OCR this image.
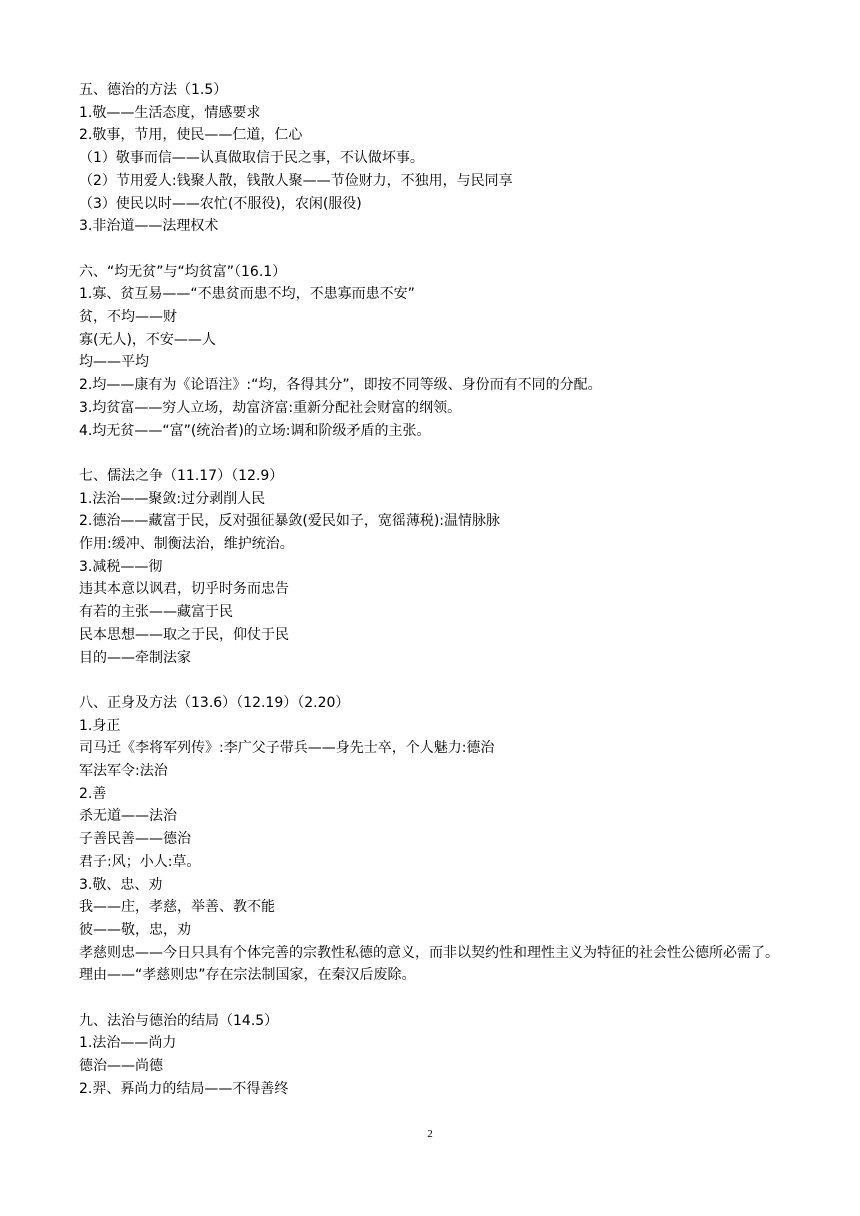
五、德治的方法（1.5）
1.敬——生活态度，情感要求
2.敬事，节用，使民——仁道，仁心
（1）敬事而信——认真做取信于民之事，不认做坏事。
（2）节用爱人:钱聚人散，钱散人聚——节俭财力，不独用，与民同享
（3）使民以时——农忙(不服役)，农闲(服役)
3.非治道——法理权术
六、“均无贫”与“均贫富”（16.1）
1.寡、贫互易——“不患贫而患不均，不患寡而患不安”
贫，不均——财
寡(无人)，不安——人
均——平均
2.均——康有为《论语注》:“均，各得其分”，即按不同等级、身份而有不同的分配。
3.均贫富——穷人立场，劫富济富:重新分配社会财富的纲领。
4.均无贫——“富”(统治者)的立场:调和阶级矛盾的主张。
七、儒法之争（11.17）（12.9）
1.法治——聚敛:过分剥削人民
2.德治——藏富于民，反对强征暴敛(爱民如子，宽徭薄税):温情脉脉
作用:缓冲、制衡法治，维护统治。
3.减税——彻
违其本意以讽君，切乎时务而忠告
有若的主张——藏富于民
民本思想——取之于民，仰仗于民
目的——牵制法家
八、正身及方法（13.6）（12.19）（2.20）
1.身正
司马迁《李将军列传》:李广父子带兵——身先士卒，个人魅力:德治
军法军令:法治
2.善
杀无道——法治
子善民善——德治
君子:风；小人:草。
3.敬、忠、劝
我——庄，孝慈，举善、教不能
彼——敬，忠，劝
孝慈则忠——今日只具有个体完善的宗教性私德的意义，而非以契约性和理性主义为特征的社会性公德所必需了。
理由——“孝慈则忠”存在宗法制国家，在秦汉后废除。
九、法治与德治的结局（14.5）
1.法治——尚力
德治——尚德
2.羿、奡尚力的结局——不得善终
2
